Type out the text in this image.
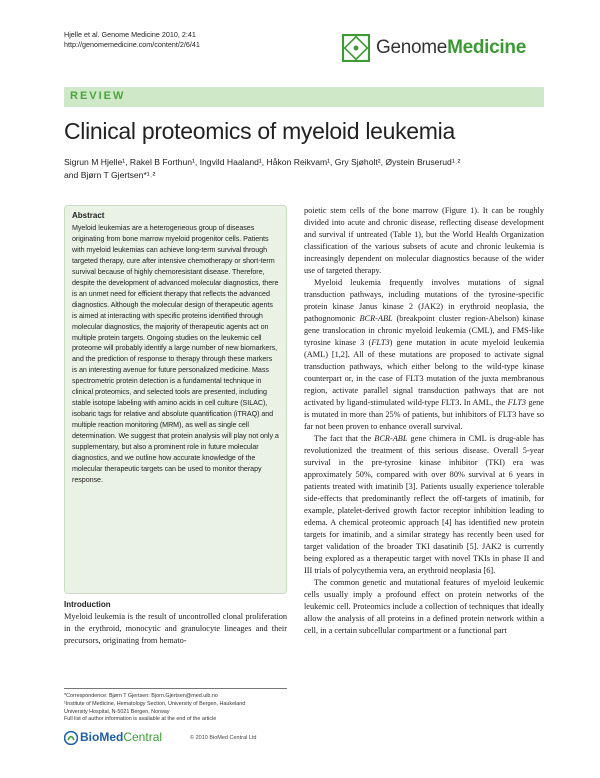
Hjelle et al. Genome Medicine 2010, 2:41
http://genomemedicine.com/content/2/6/41	GenomeMedicine
REVIEW
Clinical proteomics of myeloid leukemia
Sigrun M Hjelle¹, Rakel B Forthun¹, Ingvild Haaland¹, Håkon Reikvam¹, Gry Sjøholt², Øystein Bruserud¹˒²
and Bjørn T Gjertsen*¹˒²
Abstract

Myeloid leukemias are a heterogeneous group of diseases originating from bone marrow myeloid progenitor cells. Patients with myeloid leukemias can achieve long-term survival through targeted therapy, cure after intensive chemotherapy or short-term survival because of highly chemoresistant disease. Therefore, despite the development of advanced molecular diagnostics, there is an unmet need for efficient therapy that reflects the advanced diagnostics. Although the molecular design of therapeutic agents is aimed at interacting with specific proteins identified through molecular diagnostics, the majority of therapeutic agents act on multiple protein targets. Ongoing studies on the leukemic cell proteome will probably identify a large number of new biomarkers, and the prediction of response to therapy through these markers is an interesting avenue for future personalized medicine. Mass spectrometric protein detection is a fundamental technique in clinical proteomics, and selected tools are presented, including stable isotope labeling with amino acids in cell culture (SILAC), isobaric tags for relative and absolute quantification (iTRAQ) and multiple reaction monitoring (MRM), as well as single cell determination. We suggest that protein analysis will play not only a supplementary, but also a prominent role in future molecular diagnostics, and we outline how accurate knowledge of the molecular therapeutic targets can be used to monitor therapy response.

Introduction

Myeloid leukemia is the result of uncontrolled clonal proliferation in the erythroid, monocytic and granulocyte lineages and their precursors, originating from hemato-

*Correspondence: Bjørn T Gjertsen: Bjorn.Gjertsen@med.uib.no
¹Institute of Medicine, Hematology Section, University of Bergen, Haukeland
University Hospital, N-5021 Bergen, Norway
Full list of author information is available at the end of the article
BioMedCentral	© 2010 BioMed Central Ltd

poietic stem cells of the bone marrow (Figure 1). It can be roughly divided into acute and chronic disease, reflecting disease development and survival if untreated (Table 1), but the World Health Organization classification of the various subsets of acute and chronic leukemia is increasingly dependent on molecular diagnostics because of the wider use of targeted therapy.

Myeloid leukemia frequently involves mutations of signal transduction pathways, including mutations of the tyrosine-specific protein kinase Janus kinase 2 (JAK2) in erythroid neoplasia, the pathognomonic BCR-ABL (breakpoint cluster region-Abelson) kinase gene translocation in chronic myeloid leukemia (CML), and FMS-like tyrosine kinase 3 (FLT3) gene mutation in acute myeloid leukemia (AML) [1,2]. All of these mutations are proposed to activate signal transduction pathways, which either belong to the wild-type kinase counterpart or, in the case of FLT3 mutation of the juxta membranous region, activate parallel signal transduction pathways that are not activated by ligand-stimulated wild-type FLT3. In AML, the FLT3 gene is mutated in more than 25% of patients, but inhibitors of FLT3 have so far not been proven to enhance overall survival.

The fact that the BCR-ABL gene chimera in CML is drug-able has revolutionized the treatment of this serious disease. Overall 5-year survival in the pre-tyrosine kinase inhibitor (TKI) era was approximately 50%, compared with over 80% survival at 6 years in patients treated with imatinib [3]. Patients usually experience tolerable side-effects that predominantly reflect the off-targets of imatinib, for example, platelet-derived growth factor receptor inhibition leading to edema. A chemical proteomic approach [4] has identified new protein targets for imatinib, and a similar strategy has recently been used for target validation of the broader TKI dasatinib [5]. JAK2 is currently being explored as a therapeutic target with novel TKIs in phase II and III trials of polycythemia vera, an erythroid neoplasia [6].

The common genetic and mutational features of myeloid leukemic cells usually imply a profound effect on protein networks of the leukemic cell. Proteomics include a collection of techniques that ideally allow the analysis of all proteins in a defined protein network within a cell, in a certain subcellular compartment or a functional part
